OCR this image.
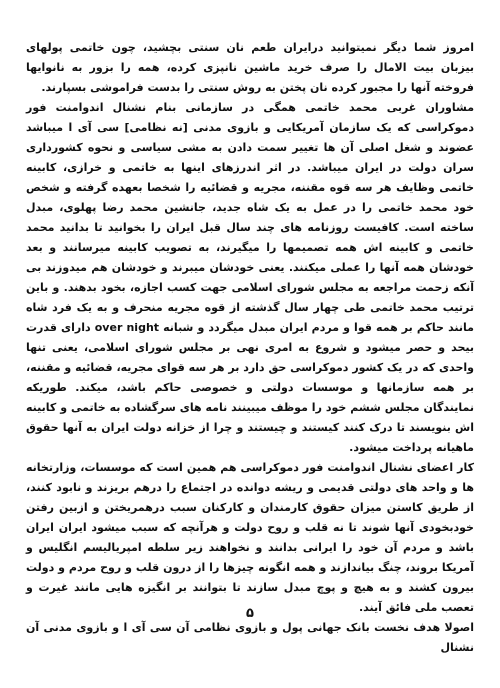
امروز شما دیگر نمیتوانید درایران طعم نان سنتی بچشید، چون خاتمی پولهای بیزبان بیت الامال را صرف خرید ماشین نانپزی کرده، همه را بزور به نانوایها فروخته آنها را مجبور کرده نان پختن به روش سنتی را بدست فراموشی بسپارند.

مشاوران غربی محمد خاتمی همگی در سازمانی بنام نشنال اندوامنت فور دموکراسی که یک سازمان آمریکایی و بازوی مدنی [نه نظامی] سی آی ا میباشد عضوند و شغل اصلی آن ها تغییر سمت دادن به مشی سیاسی و نحوه کشورداری سران دولت در ایران میباشد. در اثر اندرزهای اینها به خاتمی و خرازی، کابینه خاتمی وظایف هر سه قوه مقننه، مجریه و قضائیه را شخصا بعهده گرفته و شخص خود محمد خاتمی را در عمل به یک شاه جدید، جانشین محمد رضا پهلوی، مبدل ساخته است. کافیست روزنامه های چند سال قبل ایران را بخوانید تا بدانید محمد خاتمی و کابینه اش همه تصمیمها را میگیرند، به تصویب کابینه میرسانند و بعد خودشان همه آنها را عملی میکنند. یعنی خودشان میبرند و خودشان هم میدوزند بی آنکه زحمت مراجعه به مجلس شورای اسلامی جهت کسب اجازه، بخود بدهند. و باین ترتیب محمد خاتمی طی چهار سال گذشته از قوه مجریه منحرف و به یک فرد شاه مانند حاکم بر همه قوا و مردم ایران مبدل میگردد و شبانه over night دارای قدرت بیحد و حصر میشود و شروع به امری نهی بر مجلس شورای اسلامی، یعنی تنها واحدی که در یک کشور دموکراسی حق دارد بر هر سه قوای مجریه، قضائیه و مقننه، بر همه سازمانها و موسسات دولتی و خصوصی حاکم باشد، میکند. طوریکه نمایندگان مجلس ششم خود را موظف میبینند نامه های سرگشاده به خاتمی و کابینه اش بنویسند تا درک کنند کیستند و چیستند و چرا از خزانه دولت ایران به آنها حقوق ماهیانه پرداخت میشود.

کار اعضای نشنال اندوامنت فور دموکراسی هم همین است که موسسات، وزارتخانه ها و واحد های دولتی قدیمی و ریشه دوانده در اجتماع را درهم بریزند و نابود کنند، از طریق کاستن میزان حقوق کارمندان و کارکنان سبب درهمریختن و ازبین رفتن خودبخودی آنها شوند تا نه قلب و روح دولت و هرآنچه که سبب میشود ایران ایران باشد و مردم آن خود را ایرانی بدانند و نخواهند زیر سلطه امپریالیسم انگلیس و آمریکا بروند، چنگ بیاندازند و همه انگونه چیزها را از درون قلب و روح مردم و دولت بیرون کشند و به هیچ و پوچ مبدل سازند تا بتوانند بر انگیزه هایی مانند غیرت و تعصب ملی فائق آیند.

اصولا هدف نخست بانک جهانی پول و بازوی نظامی آن سی آی ا و بازوی مدنی آن نشنال

۵
